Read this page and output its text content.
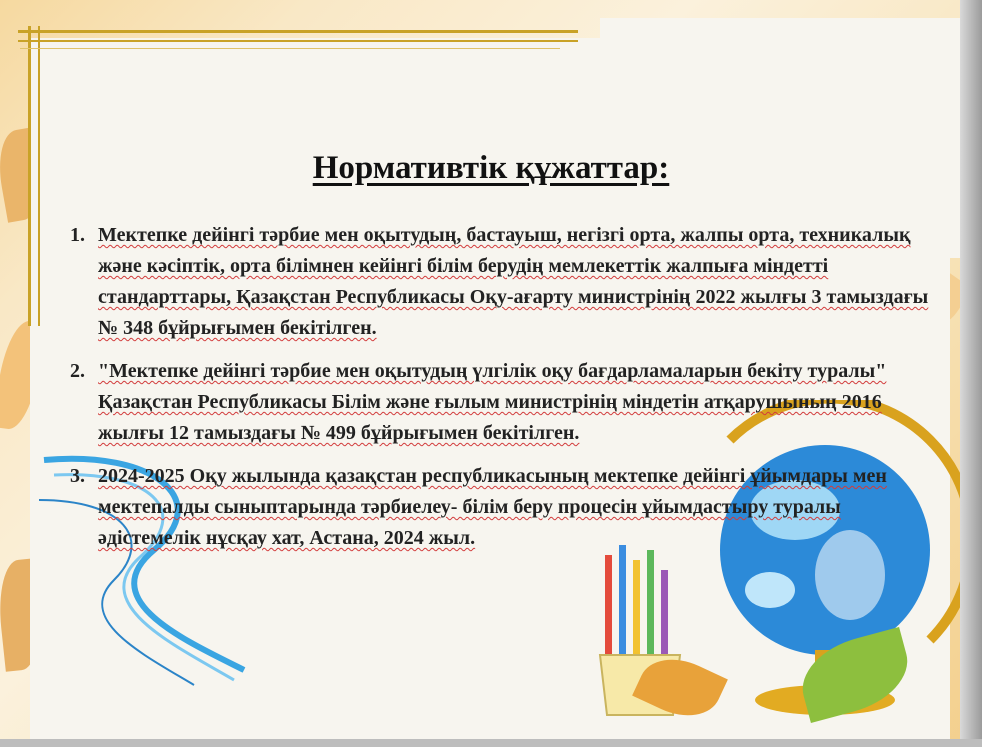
Нормативтік құжаттар:
1. Мектепке дейінгі тәрбие мен оқытудың, бастауыш, негізгі орта, жалпы орта, техникалық және кәсіптік, орта білімнен кейінгі білім берудің мемлекеттік жалпыға міндетті стандарттары, Қазақстан Республикасы Оқу-ағарту министрінің 2022 жылғы 3 тамыздағы № 348 бұйрығымен бекітілген.
2. "Мектепке дейінгі тәрбие мен оқытудың үлгілік оқу бағдарламаларын бекіту туралы" Қазақстан Республикасы Білім және ғылым министрінің міндетін атқарушының 2016 жылғы 12 тамыздағы № 499 бұйрығымен бекітілген.
3. 2024-2025 Оқу жылында қазақстан республикасының мектепке дейінгі ұйымдары мен мектепалды сыныптарында тәрбиелеу- білім беру процесін ұйымдастыру туралы әдістемелік нұсқау хат, Астана, 2024 жыл.
